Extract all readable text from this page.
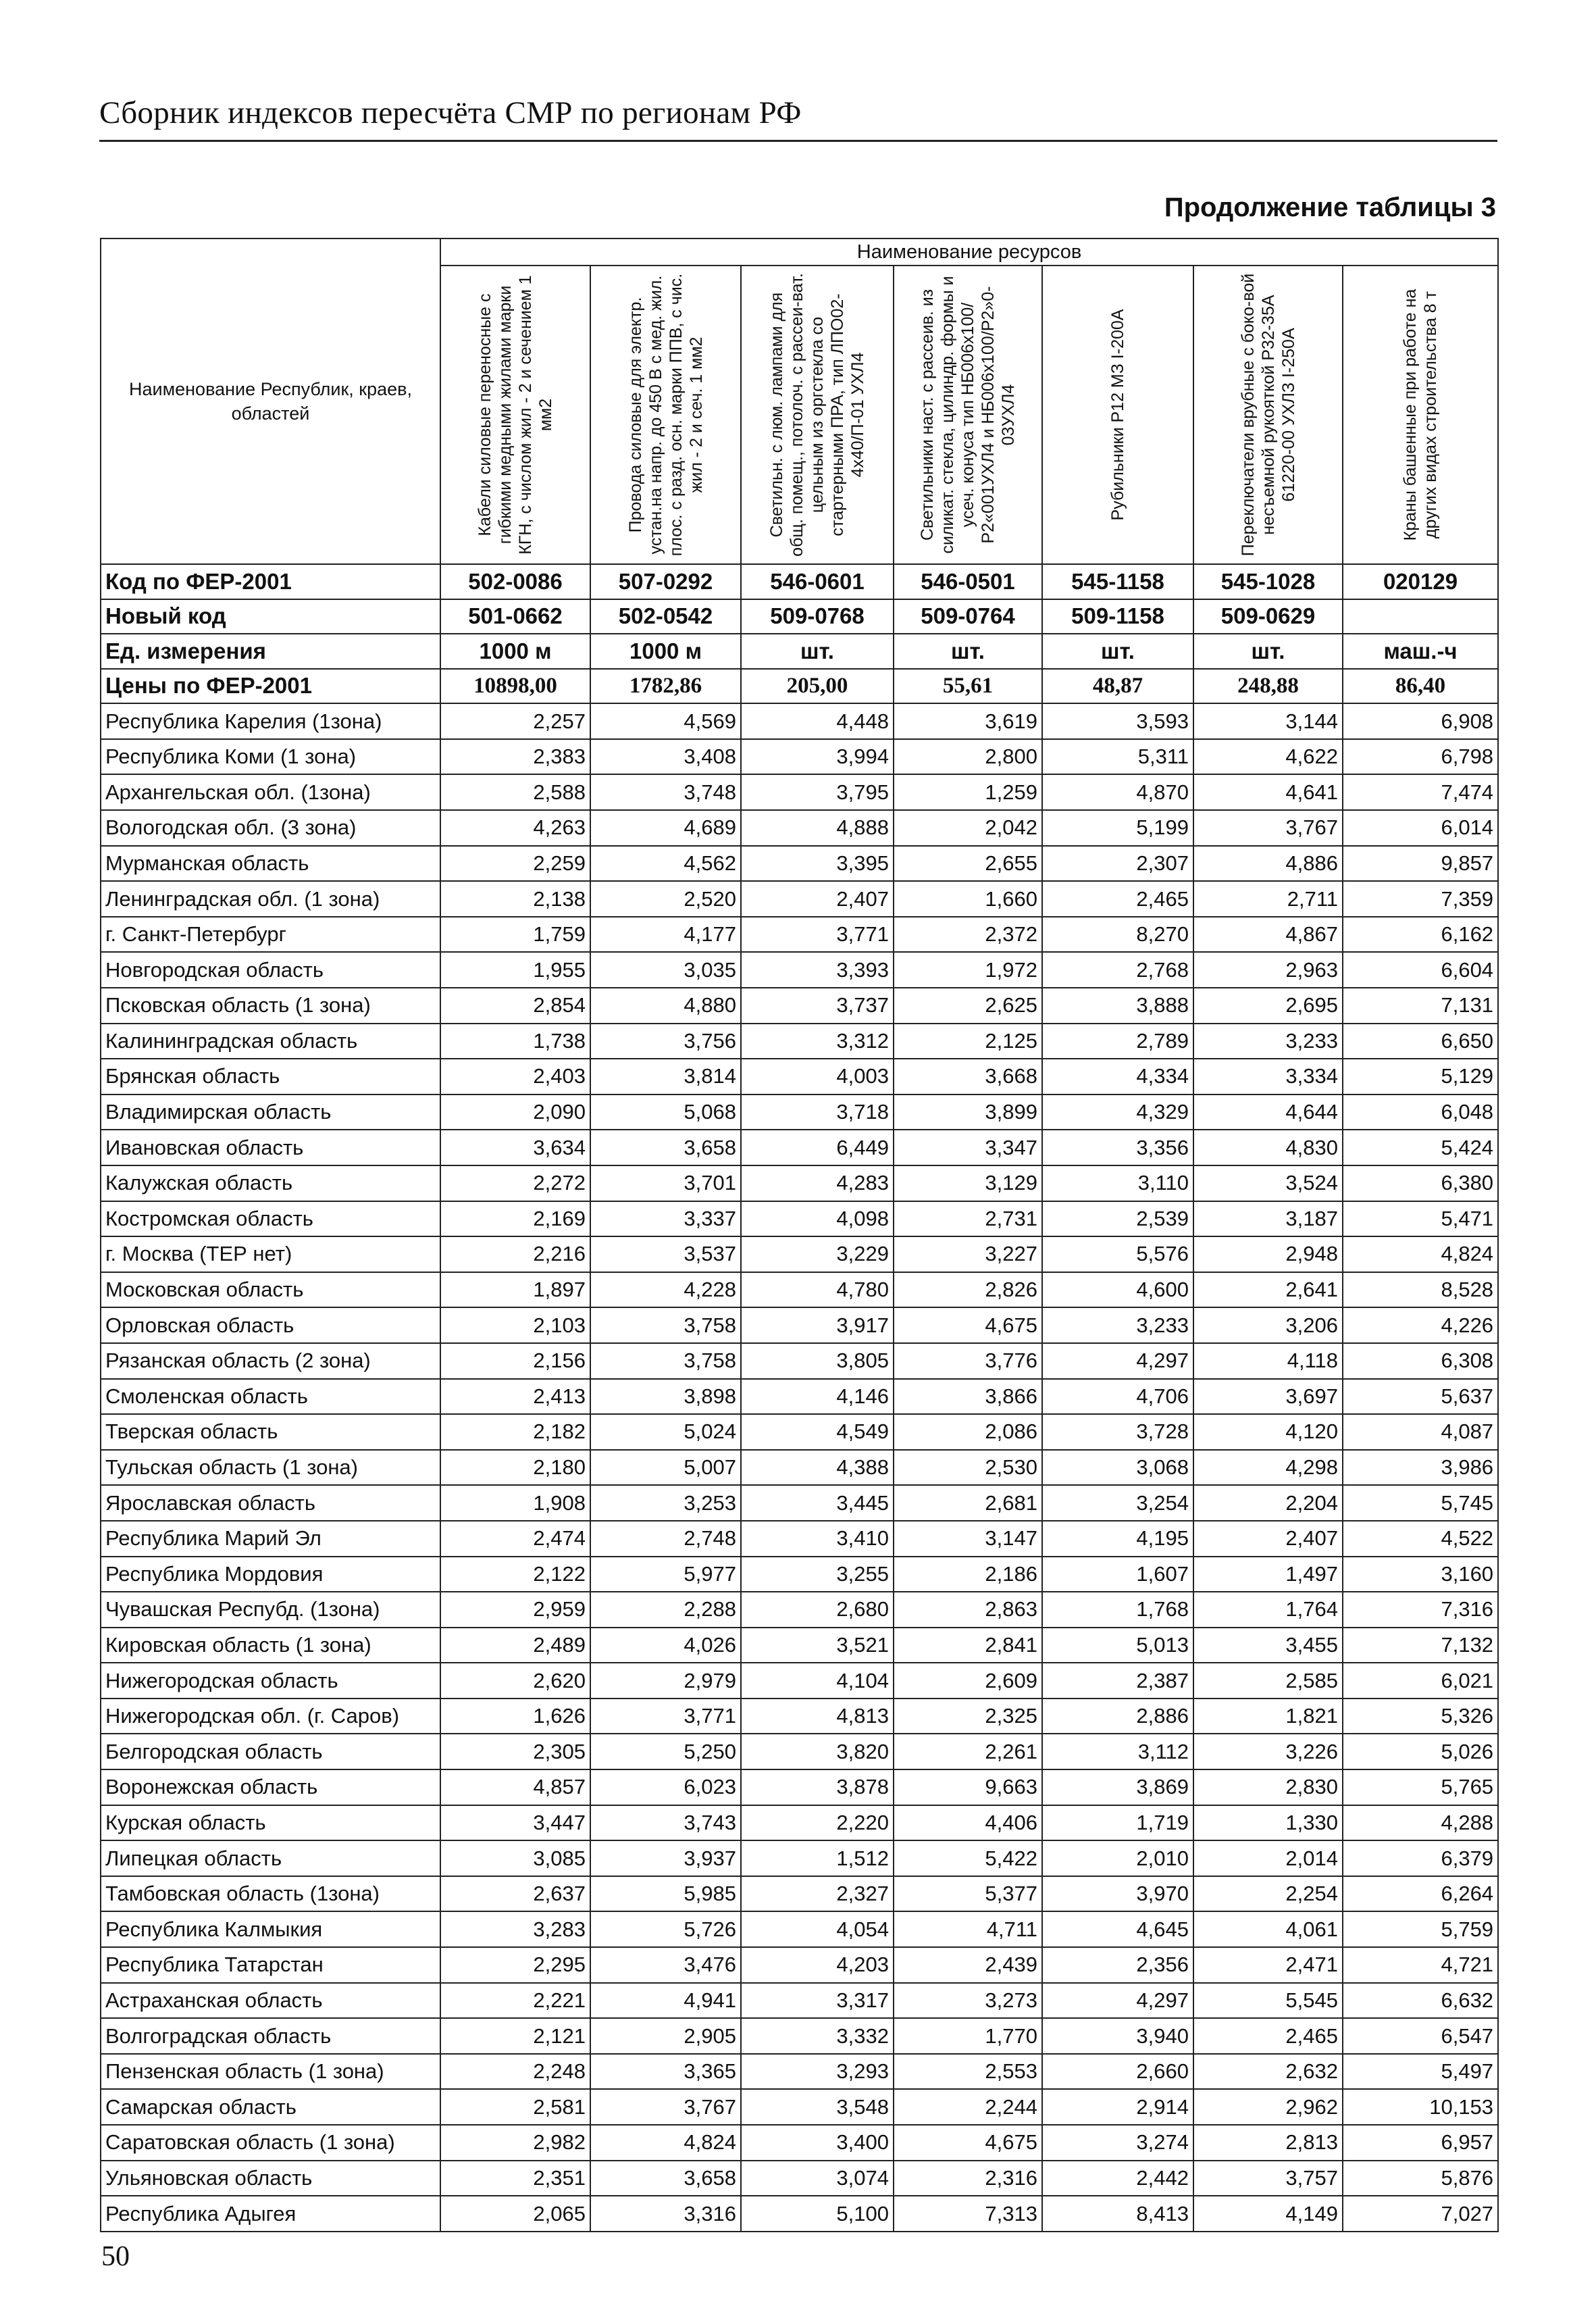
Сборник индексов пересчёта СМР по регионам РФ
Продолжение таблицы 3
Наименование Республик, краев, областей	Наименование ресурсов						

	Кабели силовые переносные с гибкими медными жилами марки КГН, с числом жил - 2 и сечением 1 мм2	Провода силовые для электр. устан.на напр. до 450 В с мед. жил. плос. с разд. осн. марки ППВ, с чис. жил - 2 и сеч. 1 мм2	Светильн. с люм. лампами для общ. помещ., потолоч. с рассеи-ват. цельным из оргстекла со стартерными ПРА, тип ЛПО02-4х40/П-01 УХЛ4	Светильники наст. с рассеив. из силикат. стекла, цилиндр. формы и усеч. конуса тип НБ006х100/Р2«001УХЛ4 и НБ006х100/Р2»0-03УХЛ4	Рубильники Р12 МЗ I-200А	Переключатели врубные с боко-вой несъемной рукояткой Р32-35А 61220-00 УХЛЗ I-250А	Краны башенные при работе на других видах строительства 8 т

Код по ФЕР-2001	502-0086	507-0292	546-0601	546-0501	545-1158	545-1028	020129
Новый код	501-0662	502-0542	509-0768	509-0764	509-1158	509-0629	
Ед. измерения	1000 м	1000 м	шт.	шт.	шт.	шт.	маш.-ч
Цены по ФЕР-2001	10898,00	1782,86	205,00	55,61	48,87	248,88	86,40
Республика Карелия (1зона)	2,257	4,569	4,448	3,619	3,593	3,144	6,908
Республика Коми (1 зона)	2,383	3,408	3,994	2,800	5,311	4,622	6,798
Архангельская обл. (1зона)	2,588	3,748	3,795	1,259	4,870	4,641	7,474
Вологодская обл. (3 зона)	4,263	4,689	4,888	2,042	5,199	3,767	6,014
Мурманская область	2,259	4,562	3,395	2,655	2,307	4,886	9,857
Ленинградская обл. (1 зона)	2,138	2,520	2,407	1,660	2,465	2,711	7,359
г. Санкт-Петербург	1,759	4,177	3,771	2,372	8,270	4,867	6,162
Новгородская область	1,955	3,035	3,393	1,972	2,768	2,963	6,604
Псковская область (1 зона)	2,854	4,880	3,737	2,625	3,888	2,695	7,131
Калининградская область	1,738	3,756	3,312	2,125	2,789	3,233	6,650
Брянская область	2,403	3,814	4,003	3,668	4,334	3,334	5,129
Владимирская область	2,090	5,068	3,718	3,899	4,329	4,644	6,048
Ивановская область	3,634	3,658	6,449	3,347	3,356	4,830	5,424
Калужская область	2,272	3,701	4,283	3,129	3,110	3,524	6,380
Костромская область	2,169	3,337	4,098	2,731	2,539	3,187	5,471
г. Москва (ТЕР нет)	2,216	3,537	3,229	3,227	5,576	2,948	4,824
Московская область	1,897	4,228	4,780	2,826	4,600	2,641	8,528
Орловская область	2,103	3,758	3,917	4,675	3,233	3,206	4,226
Рязанская область (2 зона)	2,156	3,758	3,805	3,776	4,297	4,118	6,308
Смоленская область	2,413	3,898	4,146	3,866	4,706	3,697	5,637
Тверская область	2,182	5,024	4,549	2,086	3,728	4,120	4,087
Тульская область (1 зона)	2,180	5,007	4,388	2,530	3,068	4,298	3,986
Ярославская область	1,908	3,253	3,445	2,681	3,254	2,204	5,745
Республика Марий Эл	2,474	2,748	3,410	3,147	4,195	2,407	4,522
Республика Мордовия	2,122	5,977	3,255	2,186	1,607	1,497	3,160
Чувашская Респубд. (1зона)	2,959	2,288	2,680	2,863	1,768	1,764	7,316
Кировская область (1 зона)	2,489	4,026	3,521	2,841	5,013	3,455	7,132
Нижегородская область	2,620	2,979	4,104	2,609	2,387	2,585	6,021
Нижегородская обл. (г. Саров)	1,626	3,771	4,813	2,325	2,886	1,821	5,326
Белгородская область	2,305	5,250	3,820	2,261	3,112	3,226	5,026
Воронежская область	4,857	6,023	3,878	9,663	3,869	2,830	5,765
Курская область	3,447	3,743	2,220	4,406	1,719	1,330	4,288
Липецкая область	3,085	3,937	1,512	5,422	2,010	2,014	6,379
Тамбовская область (1зона)	2,637	5,985	2,327	5,377	3,970	2,254	6,264
Республика Калмыкия	3,283	5,726	4,054	4,711	4,645	4,061	5,759
Республика Татарстан	2,295	3,476	4,203	2,439	2,356	2,471	4,721
Астраханская область	2,221	4,941	3,317	3,273	4,297	5,545	6,632
Волгоградская область	2,121	2,905	3,332	1,770	3,940	2,465	6,547
Пензенская область (1 зона)	2,248	3,365	3,293	2,553	2,660	2,632	5,497
Самарская область	2,581	3,767	3,548	2,244	2,914	2,962	10,153
Саратовская область (1 зона)	2,982	4,824	3,400	4,675	3,274	2,813	6,957
Ульяновская область	2,351	3,658	3,074	2,316	2,442	3,757	5,876
Республика Адыгея	2,065	3,316	5,100	7,313	8,413	4,149	7,027
50
